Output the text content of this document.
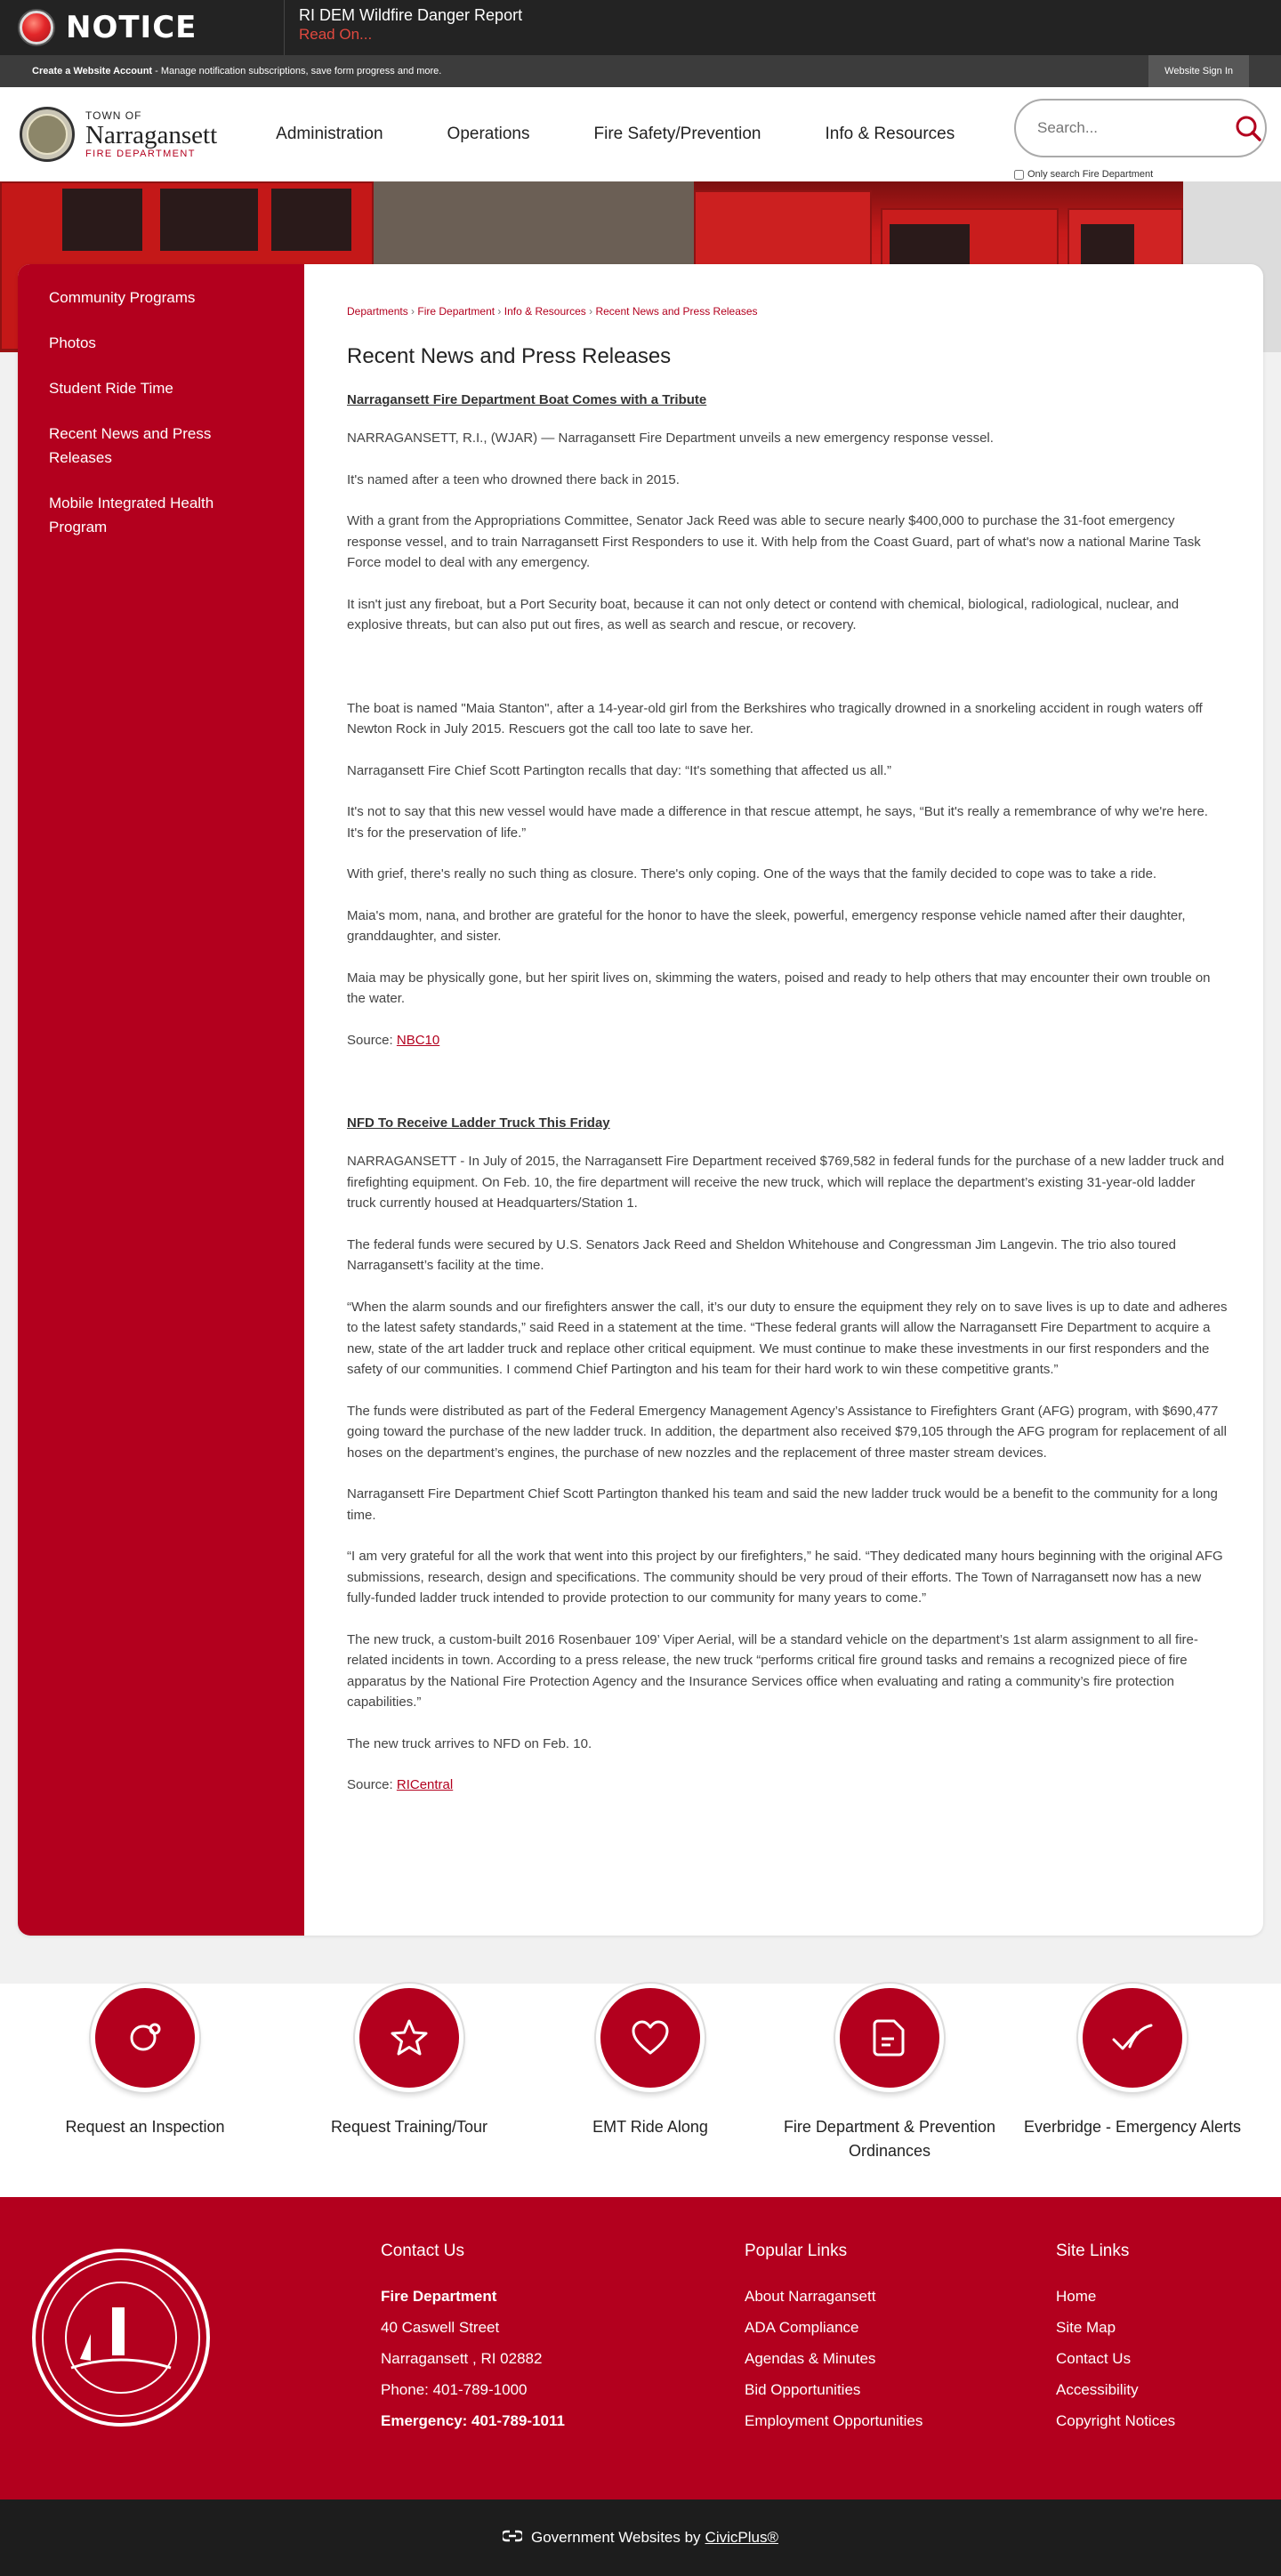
NOTICE	RI DEM Wildfire Danger Report
Read On...
Create a Website Account - Manage notification subscriptions, save form progress and more.	Website Sign In
TOWN OF
Narragansett
FIRE DEPARTMENT
Administration	Operations	Fire Safety/Prevention	Info & Resources
Search...
Only search Fire Department
Community Programs
Photos
Student Ride Time
Recent News and Press Releases
Mobile Integrated Health Program
Departments › Fire Department › Info & Resources › Recent News and Press Releases
Recent News and Press Releases
Narragansett Fire Department Boat Comes with a Tribute

NARRAGANSETT, R.I., (WJAR) — Narragansett Fire Department unveils a new emergency response vessel.

It's named after a teen who drowned there back in 2015.

With a grant from the Appropriations Committee, Senator Jack Reed was able to secure nearly $400,000 to purchase the 31-foot emergency response vessel, and to train Narragansett First Responders to use it. With help from the Coast Guard, part of what's now a national Marine Task Force model to deal with any emergency.

It isn't just any fireboat, but a Port Security boat, because it can not only detect or contend with chemical, biological, radiological, nuclear, and explosive threats, but can also put out fires, as well as search and rescue, or recovery.

The boat is named "Maia Stanton", after a 14-year-old girl from the Berkshires who tragically drowned in a snorkeling accident in rough waters off Newton Rock in July 2015. Rescuers got the call too late to save her.

Narragansett Fire Chief Scott Partington recalls that day: “It's something that affected us all.”

It's not to say that this new vessel would have made a difference in that rescue attempt, he says, “But it's really a remembrance of why we're here. It's for the preservation of life.”

With grief, there's really no such thing as closure. There's only coping. One of the ways that the family decided to cope was to take a ride.

Maia's mom, nana, and brother are grateful for the honor to have the sleek, powerful, emergency response vehicle named after their daughter, granddaughter, and sister.

Maia may be physically gone, but her spirit lives on, skimming the waters, poised and ready to help others that may encounter their own trouble on the water.

Source: NBC10

NFD To Receive Ladder Truck This Friday

NARRAGANSETT - In July of 2015, the Narragansett Fire Department received $769,582 in federal funds for the purchase of a new ladder truck and firefighting equipment. On Feb. 10, the fire department will receive the new truck, which will replace the department’s existing 31-year-old ladder truck currently housed at Headquarters/Station 1.

The federal funds were secured by U.S. Senators Jack Reed and Sheldon Whitehouse and Congressman Jim Langevin. The trio also toured Narragansett’s facility at the time.

“When the alarm sounds and our firefighters answer the call, it’s our duty to ensure the equipment they rely on to save lives is up to date and adheres to the latest safety standards,” said Reed in a statement at the time. “These federal grants will allow the Narragansett Fire Department to acquire a new, state of the art ladder truck and replace other critical equipment. We must continue to make these investments in our first responders and the safety of our communities. I commend Chief Partington and his team for their hard work to win these competitive grants.”

The funds were distributed as part of the Federal Emergency Management Agency’s Assistance to Firefighters Grant (AFG) program, with $690,477 going toward the purchase of the new ladder truck. In addition, the department also received $79,105 through the AFG program for replacement of all hoses on the department’s engines, the purchase of new nozzles and the replacement of three master stream devices.

Narragansett Fire Department Chief Scott Partington thanked his team and said the new ladder truck would be a benefit to the community for a long time.

“I am very grateful for all the work that went into this project by our firefighters,” he said. “They dedicated many hours beginning with the original AFG submissions, research, design and specifications. The community should be very proud of their efforts. The Town of Narragansett now has a new fully-funded ladder truck intended to provide protection to our community for many years to come.”

The new truck, a custom-built 2016 Rosenbauer 109’ Viper Aerial, will be a standard vehicle on the department’s 1st alarm assignment to all fire-related incidents in town. According to a press release, the new truck “performs critical fire ground tasks and remains a recognized piece of fire apparatus by the National Fire Protection Agency and the Insurance Services office when evaluating and rating a community’s fire protection capabilities.”

The new truck arrives to NFD on Feb. 10.

Source: RICentral

Request an Inspection	Request Training/Tour	EMT Ride Along	Fire Department & Prevention Ordinances
Everbridge - Emergency Alerts
Contact Us
Fire Department
40 Caswell Street
Narragansett , RI 02882
Phone: 401-789-1000
Emergency: 401-789-1011
Popular Links
About Narragansett
ADA Compliance
Agendas & Minutes
Bid Opportunities
Employment Opportunities
Site Links
Home
Site Map
Contact Us
Accessibility
Copyright Notices
Government Websites by CivicPlus®
